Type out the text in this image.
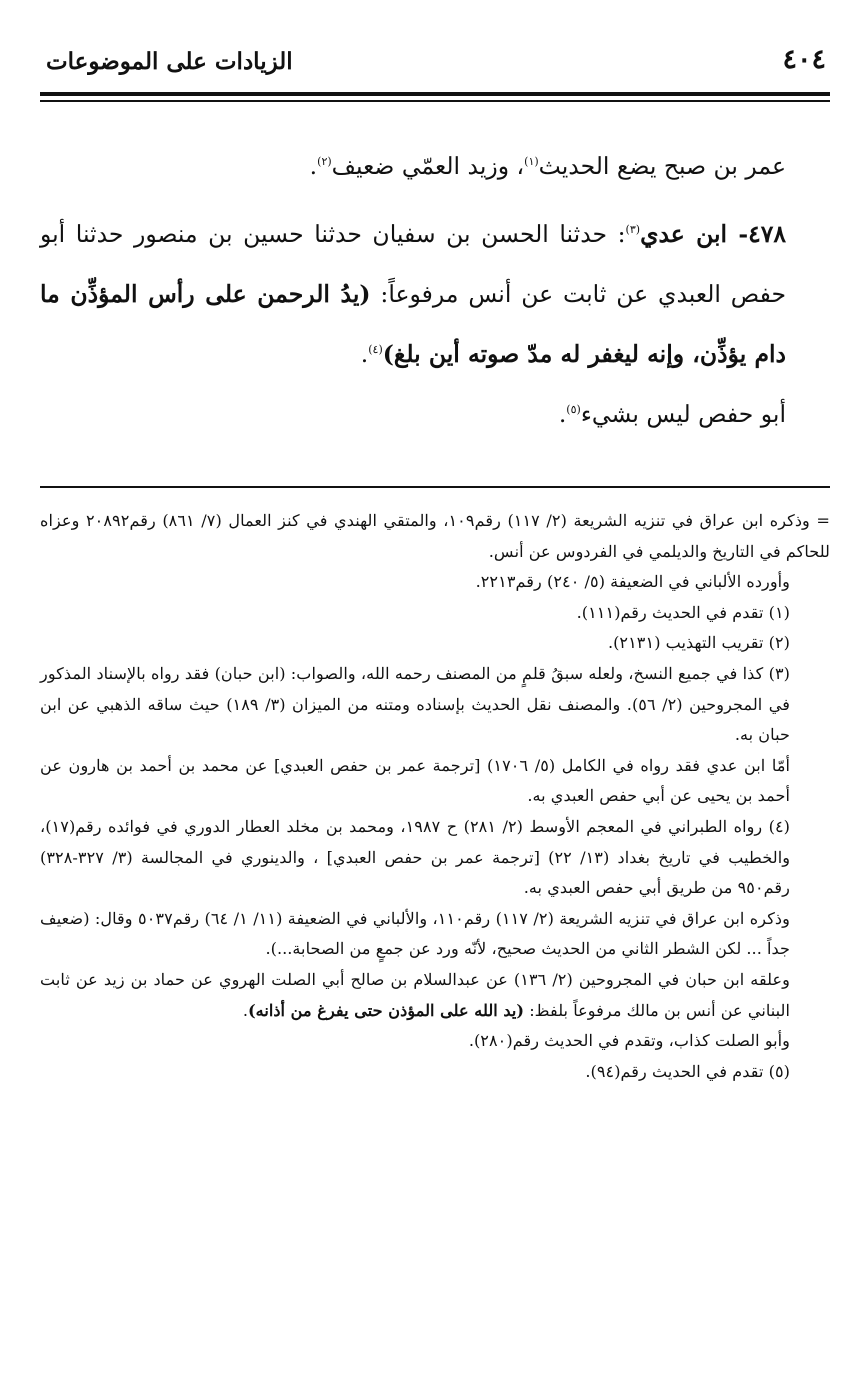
٤٠٤
الزيادات على الموضوعات

عمر بن صبح يضع الحديث$^{(١)}$، وزيد العمّي ضعيف$^{(٢)}$.

٤٧٨- ابن عدي$^{(٣)}$: حدثنا الحسن بن سفيان حدثنا حسين بن منصور حدثنا أبو حفص العبدي عن ثابت عن أنس مرفوعاً: (يدُ الرحمن على رأس المؤذِّن ما دام يؤذِّن، وإنه ليغفر له مدّ صوته أين بلغ)$^{(٤)}$.

أبو حفص ليس بشيء$^{(٥)}$.

= وذكره ابن عراق في تنزيه الشريعة (٢/ ١١٧) رقم١٠٩، والمتقي الهندي في كنز العمال (٧/ ٨٦١) رقم٢٠٨٩٢ وعزاه للحاكم في التاريخ والديلمي في الفردوس عن أنس.

وأورده الألباني في الضعيفة (٥/ ٢٤٠) رقم٢٢١٣.

(١) تقدم في الحديث رقم(١١١).

(٢) تقريب التهذيب (٢١٣١).

(٣) كذا في جميع النسخ، ولعله سبقُ قلمٍ من المصنف رحمه الله، والصواب: (ابن حبان) فقد رواه بالإسناد المذكور في المجروحين (٢/ ٥٦). والمصنف نقل الحديث بإسناده ومتنه من الميزان (٣/ ١٨٩) حيث ساقه الذهبي عن ابن حبان به.

أمّا ابن عدي فقد رواه في الكامل (٥/ ١٧٠٦) [ترجمة عمر بن حفص العبدي] عن محمد بن أحمد بن هارون عن أحمد بن يحيى عن أبي حفص العبدي به.

(٤) رواه الطبراني في المعجم الأوسط (٢/ ٢٨١) ح ١٩٨٧، ومحمد بن مخلد العطار الدوري في فوائده رقم(١٧)، والخطيب في تاريخ بغداد (١٣/ ٢٢) [ترجمة عمر بن حفص العبدي] ، والدينوري في المجالسة (٣/ ٣٢٧-٣٢٨) رقم٩٥٠ من طريق أبي حفص العبدي به.

وذكره ابن عراق في تنزيه الشريعة (٢/ ١١٧) رقم١١٠، والألباني في الضعيفة (١١/ ١/ ٦٤) رقم٥٠٣٧ وقال: (ضعيف جداً ... لكن الشطر الثاني من الحديث صحيح، لأنّه ورد عن جمعٍ من الصحابة...).

وعلقه ابن حبان في المجروحين (٢/ ١٣٦) عن عبدالسلام بن صالح أبي الصلت الهروي عن حماد بن زيد عن ثابت البناني عن أنس بن مالك مرفوعاً بلفظ: (يد الله على المؤذن حتى يفرغ من أذانه).

وأبو الصلت كذاب، وتقدم في الحديث رقم(٢٨٠).

(٥) تقدم في الحديث رقم(٩٤).
